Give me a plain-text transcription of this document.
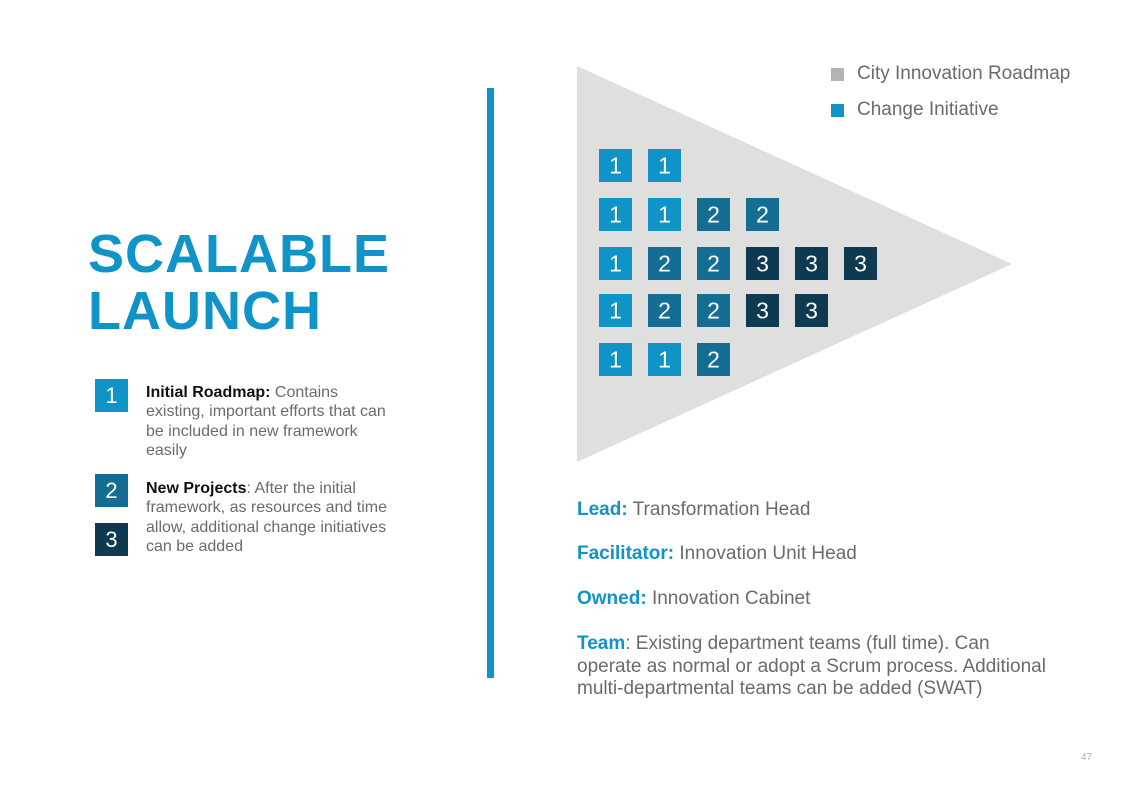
SCALABLE
LAUNCH
1	Initial Roadmap: Contains existing, important efforts that can be included in new framework easily
2
3
New Projects: After the initial framework, as resources and time allow, additional change initiatives can be added
1 1
1 1 2 2
1 2 2 3 3 3
1 2 2 3 3
1 1 2
City Innovation Roadmap
Change Initiative
Lead: Transformation Head
Facilitator: Innovation Unit Head
Owned: Innovation Cabinet
Team: Existing department teams (full time). Can operate as normal or adopt a Scrum process. Additional multi-departmental teams can be added (SWAT)
47
